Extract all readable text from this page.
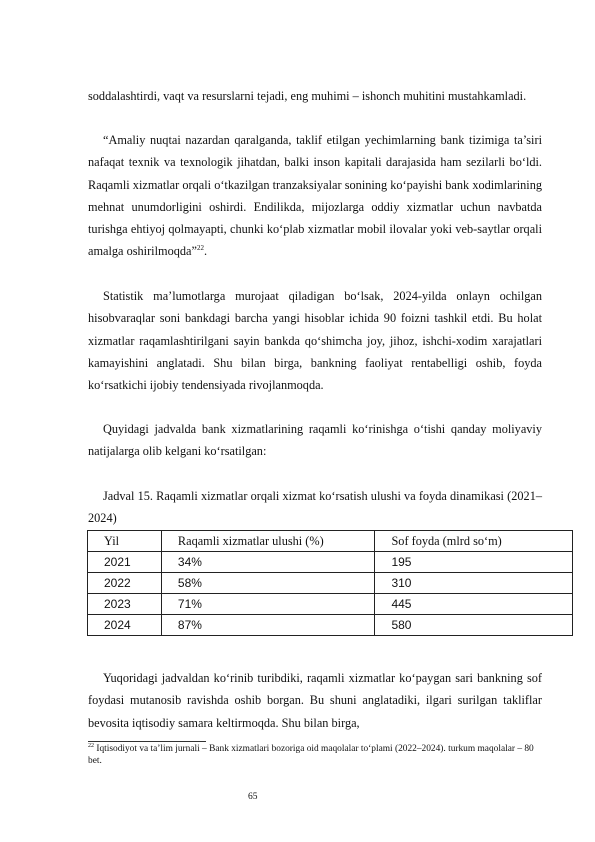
soddalashtirdi, vaqt va resurslarni tejadi, eng muhimi – ishonch muhitini mustahkamladi.

“Amaliy nuqtai nazardan qaralganda, taklif etilgan yechimlarning bank tizimiga ta’siri nafaqat texnik va texnologik jihatdan, balki inson kapitali darajasida ham sezilarli bo‘ldi. Raqamli xizmatlar orqali o‘tkazilgan tranzaksiyalar sonining ko‘payishi bank xodimlarining mehnat unumdorligini oshirdi. Endilikda, mijozlarga oddiy xizmatlar uchun navbatda turishga ehtiyoj qolmayapti, chunki ko‘plab xizmatlar mobil ilovalar yoki veb-saytlar orqali amalga oshirilmoqda”$^{22}$.

Statistik ma’lumotlarga murojaat qiladigan bo‘lsak, 2024-yilda onlayn ochilgan hisobvaraqlar soni bankdagi barcha yangi hisoblar ichida 90 foizni tashkil etdi. Bu holat xizmatlar raqamlashtirilgani sayin bankda qo‘shimcha joy, jihoz, ishchi-xodim xarajatlari kamayishini anglatadi. Shu bilan birga, bankning faoliyat rentabelligi oshib, foyda ko‘rsatkichi ijobiy tendensiyada rivojlanmoqda.

Quyidagi jadvalda bank xizmatlarining raqamli ko‘rinishga o‘tishi qanday moliyaviy natijalarga olib kelgani ko‘rsatilgan:

Jadval 15. Raqamli xizmatlar orqali xizmat ko‘rsatish ulushi va foyda dinamikasi (2021–2024)

Yil	Raqamli xizmatlar ulushi (%)	Sof foyda (mlrd so‘m)
2021	34%	195
2022	58%	310
2023	71%	445
2024	87%	580

Yuqoridagi jadvaldan ko‘rinib turibdiki, raqamli xizmatlar ko‘paygan sari bankning sof foydasi mutanosib ravishda oshib borgan. Bu shuni anglatadiki, ilgari surilgan takliflar bevosita iqtisodiy samara keltirmoqda. Shu bilan birga,

$^{22}$ Iqtisodiyot va ta’lim jurnali – Bank xizmatlari bozoriga oid maqolalar to‘plami (2022–2024). turkum maqolalar – 80 bet.

65
